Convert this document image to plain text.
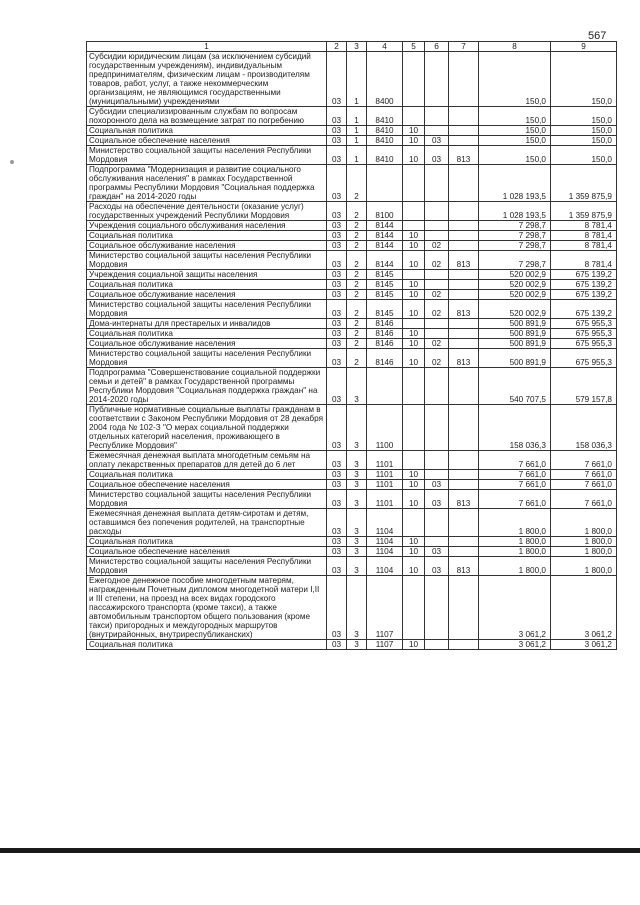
567
1	2	3	4	5	6	7	8	9
Субсидии юридическим лицам (за исключением субсидий государственным учреждениям), индивидуальным предпринимателям, физическим лицам - производителям товаров, работ, услуг, а также некоммерческим организациям, не являющимся государственными (муниципальными) учреждениями	03	1	8400				150,0	150,0
Субсидии специализированным службам по вопросам похоронного дела на возмещение затрат по погребению	03	1	8410				150,0	150,0
Социальная политика	03	1	8410	10			150,0	150,0
Социальное обеспечение населения	03	1	8410	10	03		150,0	150,0
Министерство социальной защиты населения Республики Мордовия	03	1	8410	10	03	813	150,0	150,0
Подпрограмма "Модернизация и развитие социального обслуживания населения" в рамках Государственной программы Республики Мордовия "Социальная поддержка граждан" на 2014-2020 годы	03	2					1 028 193,5	1 359 875,9
Расходы на обеспечение деятельности (оказание услуг) государственных учреждений Республики Мордовия	03	2	8100				1 028 193,5	1 359 875,9
Учреждения социального обслуживания населения	03	2	8144				7 298,7	8 781,4
Социальная политика	03	2	8144	10			7 298,7	8 781,4
Социальное обслуживание населения	03	2	8144	10	02		7 298,7	8 781,4
Министерство социальной защиты населения Республики Мордовия	03	2	8144	10	02	813	7 298,7	8 781,4
Учреждения социальной защиты населения	03	2	8145				520 002,9	675 139,2
Социальная политика	03	2	8145	10			520 002,9	675 139,2
Социальное обслуживание населения	03	2	8145	10	02		520 002,9	675 139,2
Министерство социальной защиты населения Республики Мордовия	03	2	8145	10	02	813	520 002,9	675 139,2
Дома-интернаты для престарелых и инвалидов	03	2	8146				500 891,9	675 955,3
Социальная политика	03	2	8146	10			500 891,9	675 955,3
Социальное обслуживание населения	03	2	8146	10	02		500 891,9	675 955,3
Министерство социальной защиты населения Республики Мордовия	03	2	8146	10	02	813	500 891,9	675 955,3
Подпрограмма "Совершенствование социальной поддержки семьи и детей" в рамках Государственной программы Республики Мордовия "Социальная поддержка граждан" на 2014-2020 годы	03	3					540 707,5	579 157,8
Публичные нормативные социальные выплаты гражданам в соответствии с Законом Республики Мордовия от 28 декабря 2004 года № 102-З "О мерах социальной поддержки отдельных категорий населения, проживающего в Республике Мордовия"	03	3	1100				158 036,3	158 036,3
Ежемесячная денежная выплата многодетным семьям на оплату лекарственных препаратов для детей до 6 лет	03	3	1101				7 661,0	7 661,0
Социальная политика	03	3	1101	10			7 661,0	7 661,0
Социальное обеспечение населения	03	3	1101	10	03		7 661,0	7 661,0
Министерство социальной защиты населения Республики Мордовия	03	3	1101	10	03	813	7 661,0	7 661,0
Ежемесячная денежная выплата детям-сиротам и детям, оставшимся без попечения родителей, на транспортные расходы	03	3	1104				1 800,0	1 800,0
Социальная политика	03	3	1104	10			1 800,0	1 800,0
Социальное обеспечение населения	03	3	1104	10	03		1 800,0	1 800,0
Министерство социальной защиты населения Республики Мордовия	03	3	1104	10	03	813	1 800,0	1 800,0
Ежегодное денежное пособие многодетным матерям, награжденным Почетным дипломом многодетной матери I,II и III степени, на проезд на всех видах городского пассажирского транспорта (кроме такси), а также автомобильным транспортом общего пользования (кроме такси) пригородных и междугородных маршрутов (внутрирайонных, внутриреспубликанских)	03	3	1107				3 061,2	3 061,2
Социальная политика	03	3	1107	10			3 061,2	3 061,2
